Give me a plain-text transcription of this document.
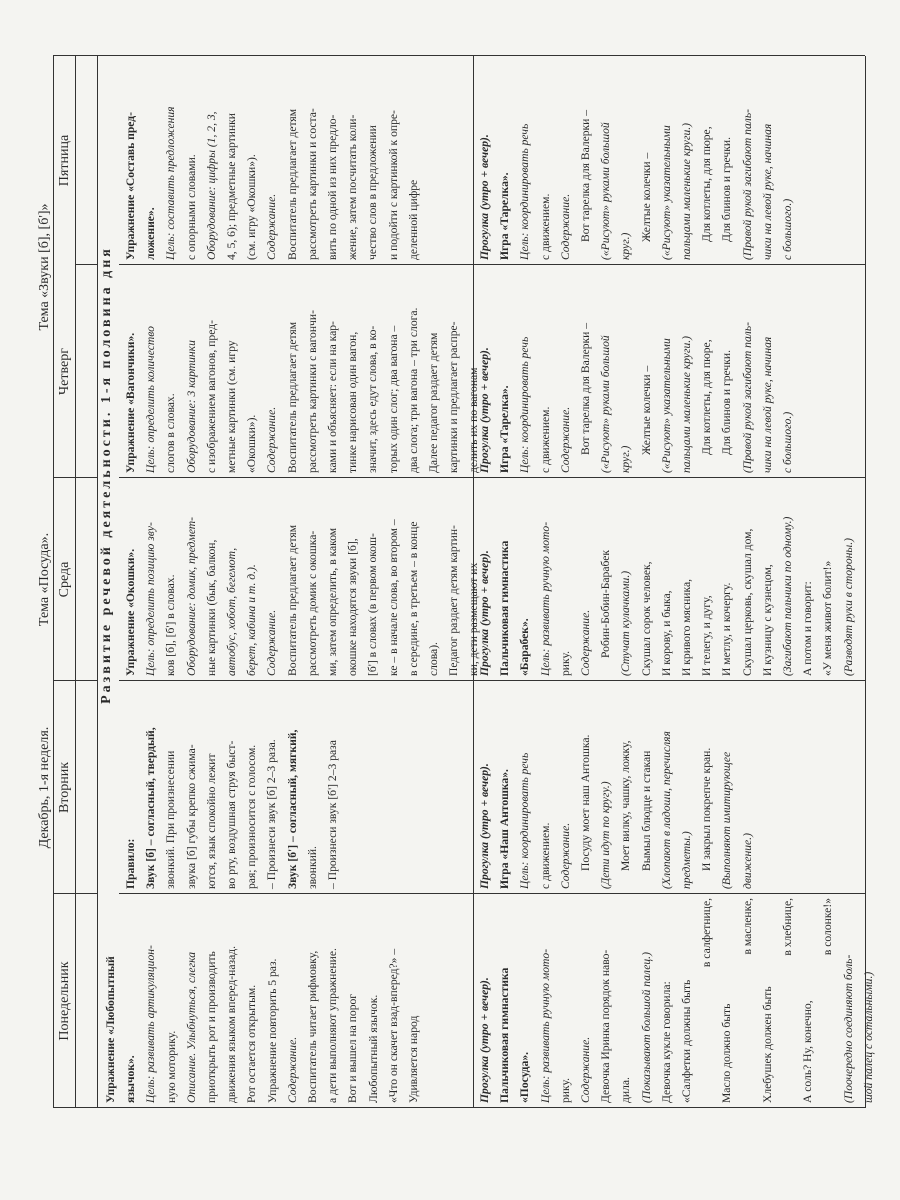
Декабрь, 1-я неделя.
Тема «Посуда».
Тема «Звуки [б], [б']»
Понедельник
Вторник
Среда
Четверг
Пятница
Развитие речевой деятельности. 1-я половина дня

Упражнение «Любопытный язычок». Цель: развивать артикуляцион- ную моторику. Описание. Улыбнуться, слегка приоткрыть рот и производить движения языком вперед-назад. Рот остается открытым. Упражнение повторить 5 раз. Содержание. Воспитатель читает рифмовку, а дети выполняют упражнение. Вот и вышел на порог Любопытный язычок. «Что он скачет взад-вперед?» – Удивляется народ

Правило: Звук [б] – согласный, твердый, звонкий. При произнесении звука [б] губы крепко сжима- ются, язык спокойно лежит во рту, воздушная струя быст- рая; произносится с голосом. – Произнеси звук [б] 2–3 раза. Звук [б'] – согласный, мягкий, звонкий. – Произнеси звук [б'] 2–3 раза

Упражнение «Окошки». Цель: определить позицию зву- ков [б], [б'] в словах. Оборудование: домик, предмет- ные картинки (бык, балкон, автобус, хобот, бегемот, берет, кабина и т. д.). Содержание. Воспитатель предлагает детям рассмотреть домик с окошка- ми, затем определить, в каком окошке находятся звуки [б], [б'] в словах (в первом окош- ке – в начале слова, во втором – в середине, в третьем – в конце слова). Педагог раздает детям картин- ки, дети размещают их

Упражнение «Вагончики». Цель: определить количество слогов в словах. Оборудование: 3 картинки с изображением вагонов, пред- метные картинки (см. игру «Окошки»). Содержание. Воспитатель предлагает детям рассмотреть картинки с вагончи- ками и объясняет: если на кар- тинке нарисован один вагон, значит, здесь едут слова, в ко- торых один слог; два вагона – два слога; три вагона – три слога. Далее педагог раздает детям картинки и предлагает распре- делить их по вагонам

Упражнение «Составь пред- ложение». Цель: составить предложения с опорными словами. Оборудование: цифры (1, 2, 3, 4, 5, 6); предметные картинки (см. игру «Окошки»). Содержание. Воспитатель предлагает детям рассмотреть картинки и соста- вить по одной из них предло- жение, затем посчитать коли- чество слов в предложении и подойти с картинкой к опре- деленной цифре

Прогулка (утро + вечер). Пальчиковая гимнастика «Посуда». Цель: развивать ручную мото- рику. Содержание. Девочка Иринка порядок наво- дила. (Показывают большой палец.) Девочка кукле говорила: «Салфетки должны быть

в салфетнице,

Масло должно быть

в масленке,

Хлебушек должен быть

в хлебнице,

А соль? Ну, конечно,

в солонке!»

(Поочередно соединяют боль- шой палец с остальными.)

Прогулка (утро + вечер). Игра «Наш Антошка». Цель: координировать речь с движением. Содержание. Посуду моет наш Антошка. (Дети идут по кругу.) Моет вилку, чашку, ложку, Вымыл блюдце и стакан (Хлопают в ладоши, перечисляя предметы.) И закрыл покрепче кран. (Выполняют имитирующее движение.)

Прогулка (утро + вечер). Пальчиковая гимнастика «Барабек». Цель: развивать ручную мото- рику. Содержание. Робин-Бобин-Барабек (Стучат кулачками.) Скушал сорок человек, И корову, и быка, И кривого мясника, И телегу, и дугу, И метлу, и кочергу. Скушал церковь, скушал дом, И кузницу с кузнецом, (Загибают пальчики по одному.) А потом и говорит: «У меня живот болит!» (Разводят руки в стороны.)

Прогулка (утро + вечер). Игра «Тарелка». Цель: координировать речь с движением. Содержание. Вот тарелка для Валерки – («Рисуют» руками большой круг.)

Желтые колечки – («Рисуют» указательными пальцами маленькие круги.) Для котлеты, для пюре, Для блинов и гречки. (Правой рукой загибают паль- чики на левой руке, начиная с большого.)

Прогулка (утро + вечер). Игра «Тарелка». Цель: координировать речь с движением. Содержание. Вот тарелка для Валерки – («Рисуют» руками большой круг.)

Желтые колечки – («Рисуют» указательными пальцами маленькие круги.) Для котлеты, для пюре, Для блинов и гречки. (Правой рукой загибают паль- чики на левой руке, начиная с большого.)
